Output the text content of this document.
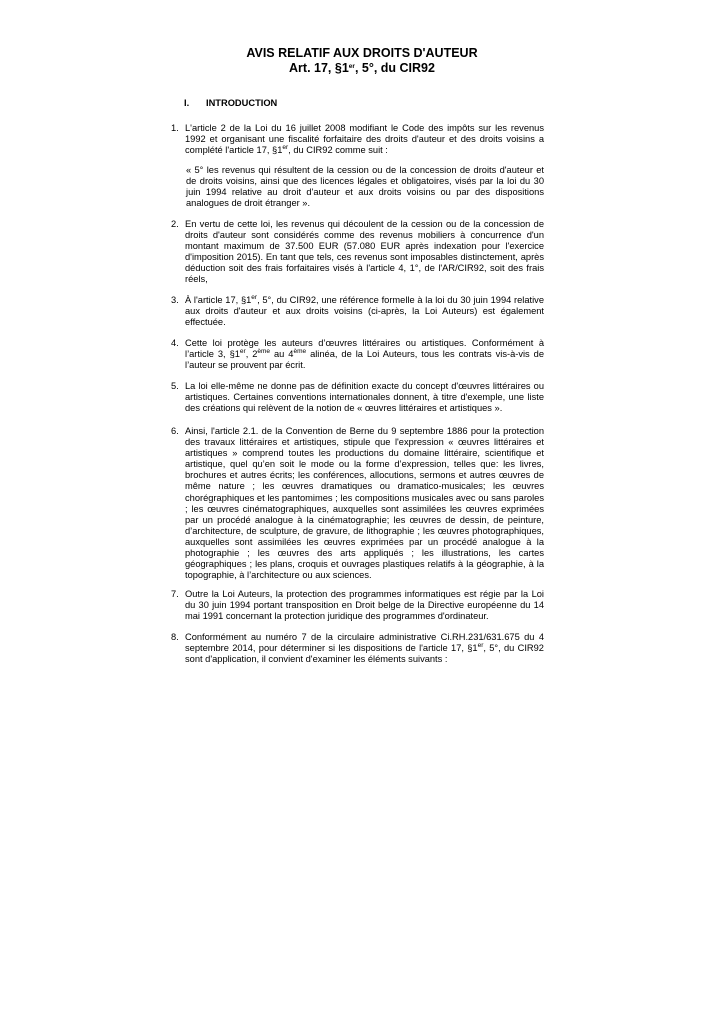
AVIS RELATIF AUX DROITS D'AUTEUR
Art. 17, §1er, 5°, du CIR92
I. INTRODUCTION
1. L'article 2 de la Loi du 16 juillet 2008 modifiant le Code des impôts sur les revenus 1992 et organisant une fiscalité forfaitaire des droits d'auteur et des droits voisins a complété l'article 17, §1er, du CIR92 comme suit :
« 5° les revenus qui résultent de la cession ou de la concession de droits d'auteur et de droits voisins, ainsi que des licences légales et obligatoires, visés par la loi du 30 juin 1994 relative au droit d'auteur et aux droits voisins ou par des dispositions analogues de droit étranger ».
2. En vertu de cette loi, les revenus qui découlent de la cession ou de la concession de droits d'auteur sont considérés comme des revenus mobiliers à concurrence d'un montant maximum de 37.500 EUR (57.080 EUR après indexation pour l'exercice d'imposition 2015). En tant que tels, ces revenus sont imposables distinctement, après déduction soit des frais forfaitaires visés à l'article 4, 1°, de l'AR/CIR92, soit des frais réels,
3. À l'article 17, §1er, 5°, du CIR92, une référence formelle à la loi du 30 juin 1994 relative aux droits d'auteur et aux droits voisins (ci-après, la Loi Auteurs) est également effectuée.
4. Cette loi protège les auteurs d’œuvres littéraires ou artistiques. Conformément à l’article 3, §1er, 2ème au 4ème alinéa, de la Loi Auteurs, tous les contrats vis-à-vis de l’auteur se prouvent par écrit.
5. La loi elle-même ne donne pas de définition exacte du concept d'œuvres littéraires ou artistiques. Certaines conventions internationales donnent, à titre d'exemple, une liste des créations qui relèvent de la notion de « œuvres littéraires et artistiques ».
6. Ainsi, l'article 2.1. de la Convention de Berne du 9 septembre 1886 pour la protection des travaux littéraires et artistiques, stipule que l'expression « œuvres littéraires et artistiques » comprend toutes les productions du domaine littéraire, scientifique et artistique, quel qu’en soit le mode ou la forme d’expression, telles que: les livres, brochures et autres écrits; les conférences, allocutions, sermons et autres œuvres de même nature ; les œuvres dramatiques ou dramatico-musicales; les œuvres chorégraphiques et les pantomimes ; les compositions musicales avec ou sans paroles ; les œuvres cinématographiques, auxquelles sont assimilées les œuvres exprimées par un procédé analogue à la cinématographie; les œuvres de dessin, de peinture, d’architecture, de sculpture, de gravure, de lithographie ; les œuvres photographiques, auxquelles sont assimilées les œuvres exprimées par un procédé analogue à la photographie ; les œuvres des arts appliqués ; les illustrations, les cartes géographiques ; les plans, croquis et ouvrages plastiques relatifs à la géographie, à la topographie, à l’architecture ou aux sciences.
7. Outre la Loi Auteurs, la protection des programmes informatiques est régie par la Loi du 30 juin 1994 portant transposition en Droit belge de la Directive européenne du 14 mai 1991 concernant la protection juridique des programmes d'ordinateur.
8. Conformément au numéro 7 de la circulaire administrative Ci.RH.231/631.675 du 4 septembre 2014, pour déterminer si les dispositions de l'article 17, §1er, 5°, du CIR92 sont d'application, il convient d'examiner les éléments suivants :
